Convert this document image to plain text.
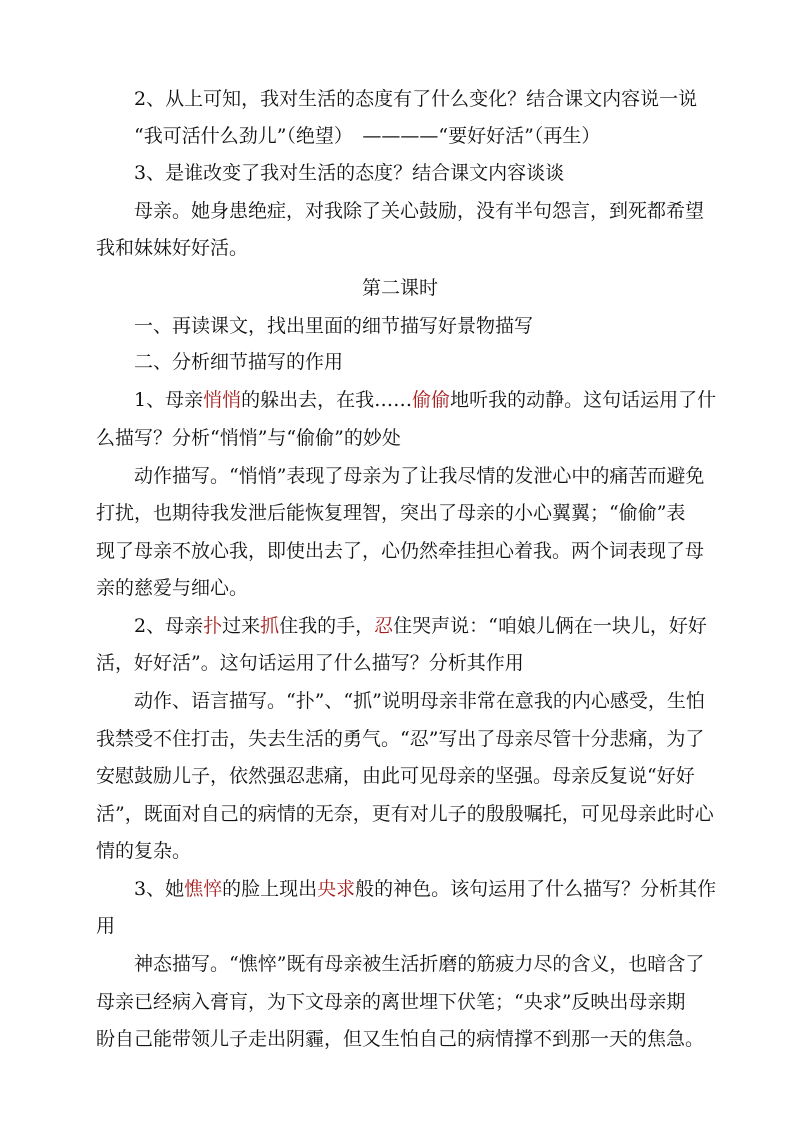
2、从上可知，我对生活的态度有了什么变化？结合课文内容说一说
“我可活什么劲儿”（绝望）　————“要好好活”（再生）
3、是谁改变了我对生活的态度？结合课文内容谈谈
母亲。她身患绝症，对我除了关心鼓励，没有半句怨言，到死都希望
我和妹妹好好活。
第二课时
一、再读课文，找出里面的细节描写好景物描写
二、分析细节描写的作用
1、母亲悄悄的躲出去，在我……偷偷地听我的动静。这句话运用了什
么描写？分析“悄悄”与“偷偷”的妙处
动作描写。“悄悄”表现了母亲为了让我尽情的发泄心中的痛苦而避免
打扰，也期待我发泄后能恢复理智，突出了母亲的小心翼翼；“偷偷”表
现了母亲不放心我，即使出去了，心仍然牵挂担心着我。两个词表现了母
亲的慈爱与细心。
2、母亲扑过来抓住我的手，忍住哭声说：“咱娘儿俩在一块儿，好好
活，好好活”。这句话运用了什么描写？分析其作用
动作、语言描写。“扑”、“抓”说明母亲非常在意我的内心感受，生怕
我禁受不住打击，失去生活的勇气。“忍”写出了母亲尽管十分悲痛，为了
安慰鼓励儿子，依然强忍悲痛，由此可见母亲的坚强。母亲反复说“好好
活”，既面对自己的病情的无奈，更有对儿子的殷殷嘱托，可见母亲此时心
情的复杂。
3、她憔悴的脸上现出央求般的神色。该句运用了什么描写？分析其作
用
神态描写。“憔悴”既有母亲被生活折磨的筋疲力尽的含义，也暗含了
母亲已经病入膏肓，为下文母亲的离世埋下伏笔；“央求”反映出母亲期
盼自己能带领儿子走出阴霾，但又生怕自己的病情撑不到那一天的焦急。
